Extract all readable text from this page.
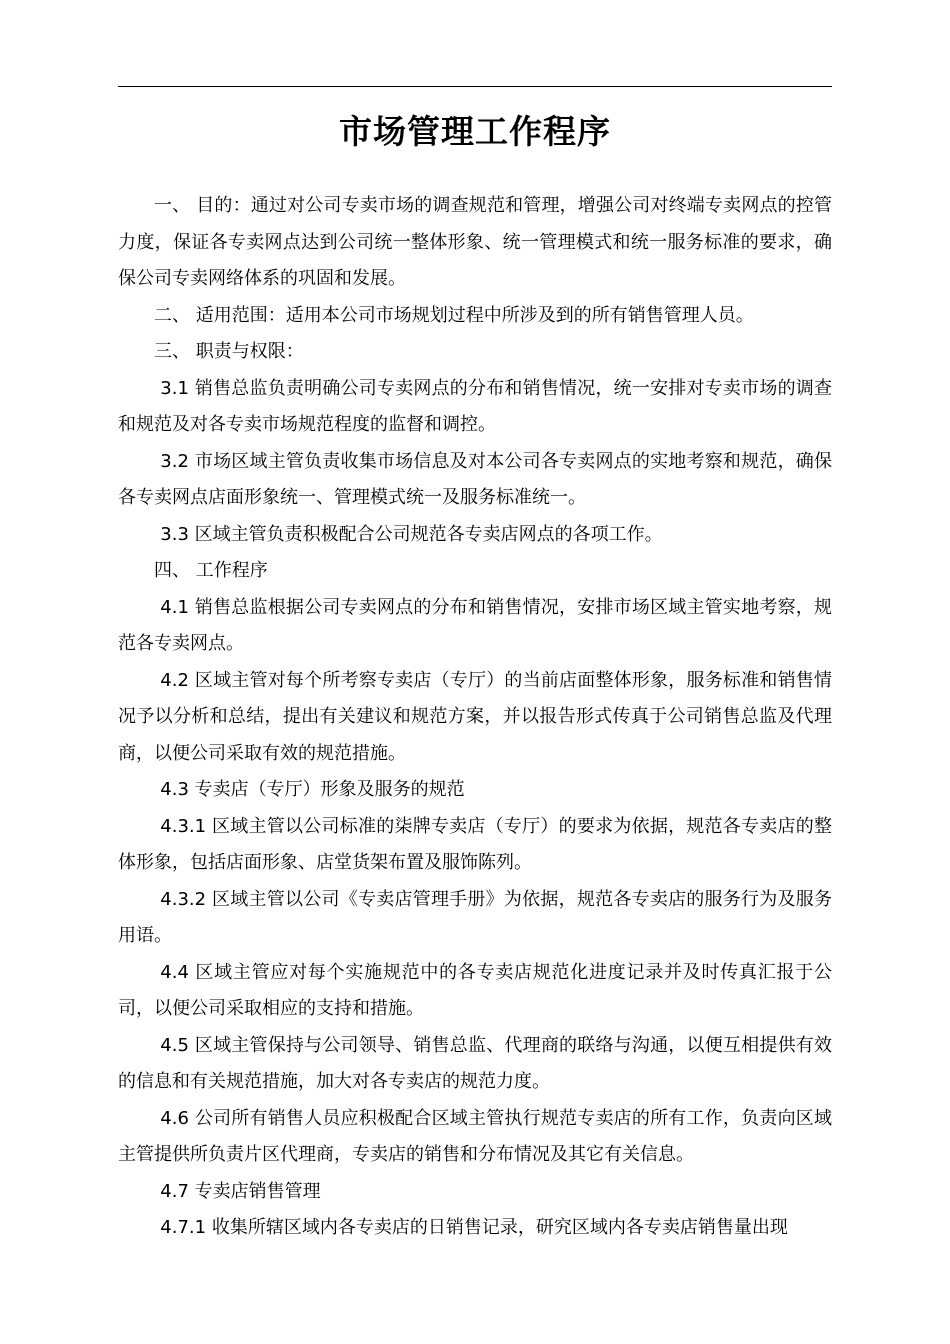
市场管理工作程序

一、 目的：通过对公司专卖市场的调查规范和管理，增强公司对终端专卖网点的控管力度，保证各专卖网点达到公司统一整体形象、统一管理模式和统一服务标准的要求，确保公司专卖网络体系的巩固和发展。

二、 适用范围：适用本公司市场规划过程中所涉及到的所有销售管理人员。

三、 职责与权限：

3.1 销售总监负责明确公司专卖网点的分布和销售情况，统一安排对专卖市场的调查和规范及对各专卖市场规范程度的监督和调控。

3.2 市场区域主管负责收集市场信息及对本公司各专卖网点的实地考察和规范，确保各专卖网点店面形象统一、管理模式统一及服务标准统一。

3.3 区域主管负责积极配合公司规范各专卖店网点的各项工作。

四、 工作程序

4.1 销售总监根据公司专卖网点的分布和销售情况，安排市场区域主管实地考察，规范各专卖网点。

4.2 区域主管对每个所考察专卖店（专厅）的当前店面整体形象，服务标准和销售情况予以分析和总结，提出有关建议和规范方案，并以报告形式传真于公司销售总监及代理商，以便公司采取有效的规范措施。

4.3 专卖店（专厅）形象及服务的规范

4.3.1 区域主管以公司标准的柒牌专卖店（专厅）的要求为依据，规范各专卖店的整体形象，包括店面形象、店堂货架布置及服饰陈列。

4.3.2 区域主管以公司《专卖店管理手册》为依据，规范各专卖店的服务行为及服务用语。

4.4 区域主管应对每个实施规范中的各专卖店规范化进度记录并及时传真汇报于公司，以便公司采取相应的支持和措施。

4.5 区域主管保持与公司领导、销售总监、代理商的联络与沟通，以便互相提供有效的信息和有关规范措施，加大对各专卖店的规范力度。

4.6 公司所有销售人员应积极配合区域主管执行规范专卖店的所有工作，负责向区域主管提供所负责片区代理商，专卖店的销售和分布情况及其它有关信息。

4.7 专卖店销售管理

4.7.1 收集所辖区域内各专卖店的日销售记录，研究区域内各专卖店销售量出现
